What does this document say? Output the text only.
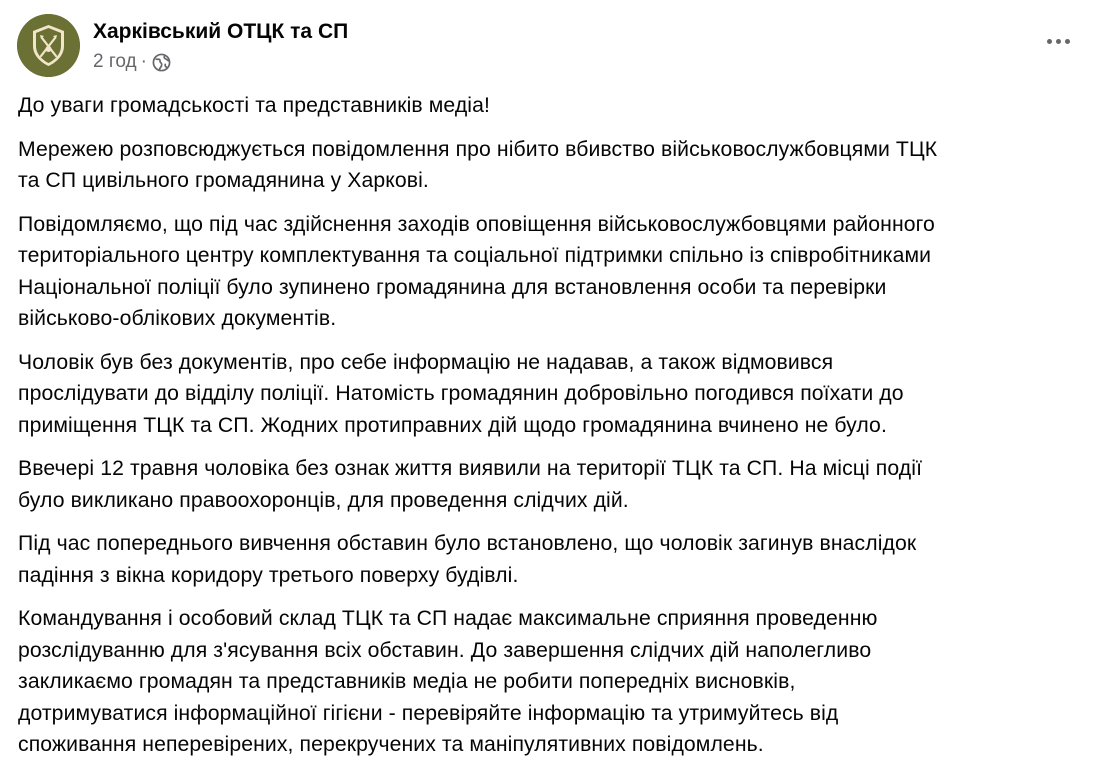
Харківський ОТЦК та СП
2 год ·

До уваги громадськості та представників медіа!

Мережею розповсюджується повідомлення про нібито вбивство військовослужбовцями ТЦК
та СП цивільного громадянина у Харкові.

Повідомляємо, що під час здійснення заходів оповіщення військовослужбовцями районного
територіального центру комплектування та соціальної підтримки спільно із співробітниками
Національної поліції було зупинено громадянина для встановлення особи та перевірки
військово-облікових документів.

Чоловік був без документів, про себе інформацію не надавав, а також відмовився
прослідувати до відділу поліції. Натомість громадянин добровільно погодився поїхати до
приміщення ТЦК та СП. Жодних протиправних дій щодо громадянина вчинено не було.

Ввечері 12 травня чоловіка без ознак життя виявили на території ТЦК та СП. На місці події
було викликано правоохоронців, для проведення слідчих дій.

Під час попереднього вивчення обставин було встановлено, що чоловік загинув внаслідок
падіння з вікна коридору третього поверху будівлі.

Командування і особовий склад ТЦК та СП надає максимальне сприяння проведенню
розслідуванню для з'ясування всіх обставин. До завершення слідчих дій наполегливо
закликаємо громадян та представників медіа не робити попередніх висновків,
дотримуватися інформаційної гігієни - перевіряйте інформацію та утримуйтесь від
споживання неперевірених, перекручених та маніпулятивних повідомлень.
